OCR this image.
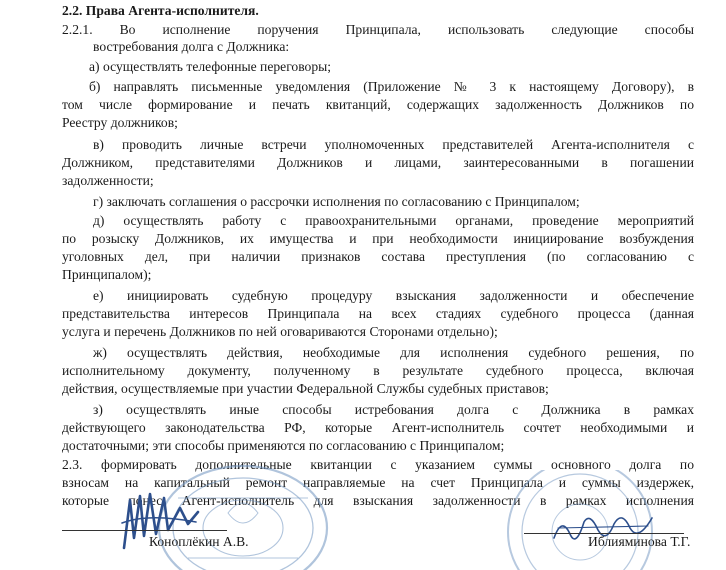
2.2. Права Агента-исполнителя.
2.2.1. Во исполнение поручения Принципала, использовать следующие способы
востребования долга с Должника:
а) осуществлять телефонные переговоры;
б) направлять письменные уведомления (Приложение № 3 к настоящему Договору), в
том числе формирование и печать квитанций, содержащих задолженность Должников по
Реестру должников;
в) проводить личные встречи уполномоченных представителей Агента-исполнителя с
Должником, представителями Должников и лицами, заинтересованными в погашении
задолженности;
г) заключать соглашения о рассрочки исполнения по согласованию с Принципалом;
д) осуществлять работу с правоохранительными органами, проведение мероприятий
по розыску Должников, их имущества и при необходимости инициирование возбуждения
уголовных дел, при наличии признаков состава преступления (по согласованию с
Принципалом);
е) инициировать судебную процедуру взыскания задолженности и обеспечение
представительства интересов Принципала на всех стадиях судебного процесса (данная
услуга и перечень Должников по ней оговариваются Сторонами отдельно);
ж) осуществлять действия, необходимые для исполнения судебного решения, по
исполнительному документу, полученному в результате судебного процесса, включая
действия, осуществляемые при участии Федеральной Службы судебных приставов;
з) осуществлять иные способы истребования долга с Должника в рамках
действующего законодательства РФ, которые Агент-исполнитель сочтет необходимыми и
достаточными; эти способы применяются по согласованию с Принципалом;
2.3. формировать дополнительные квитанции с указанием суммы основного долга по
взносам на капитальный ремонт направляемые на счет Принципала и суммы издержек,
которые понес Агент-исполнитель для взыскания задолженности в рамках исполнения
Коноплёкин А.В.	Иблияминова Т.Г.
